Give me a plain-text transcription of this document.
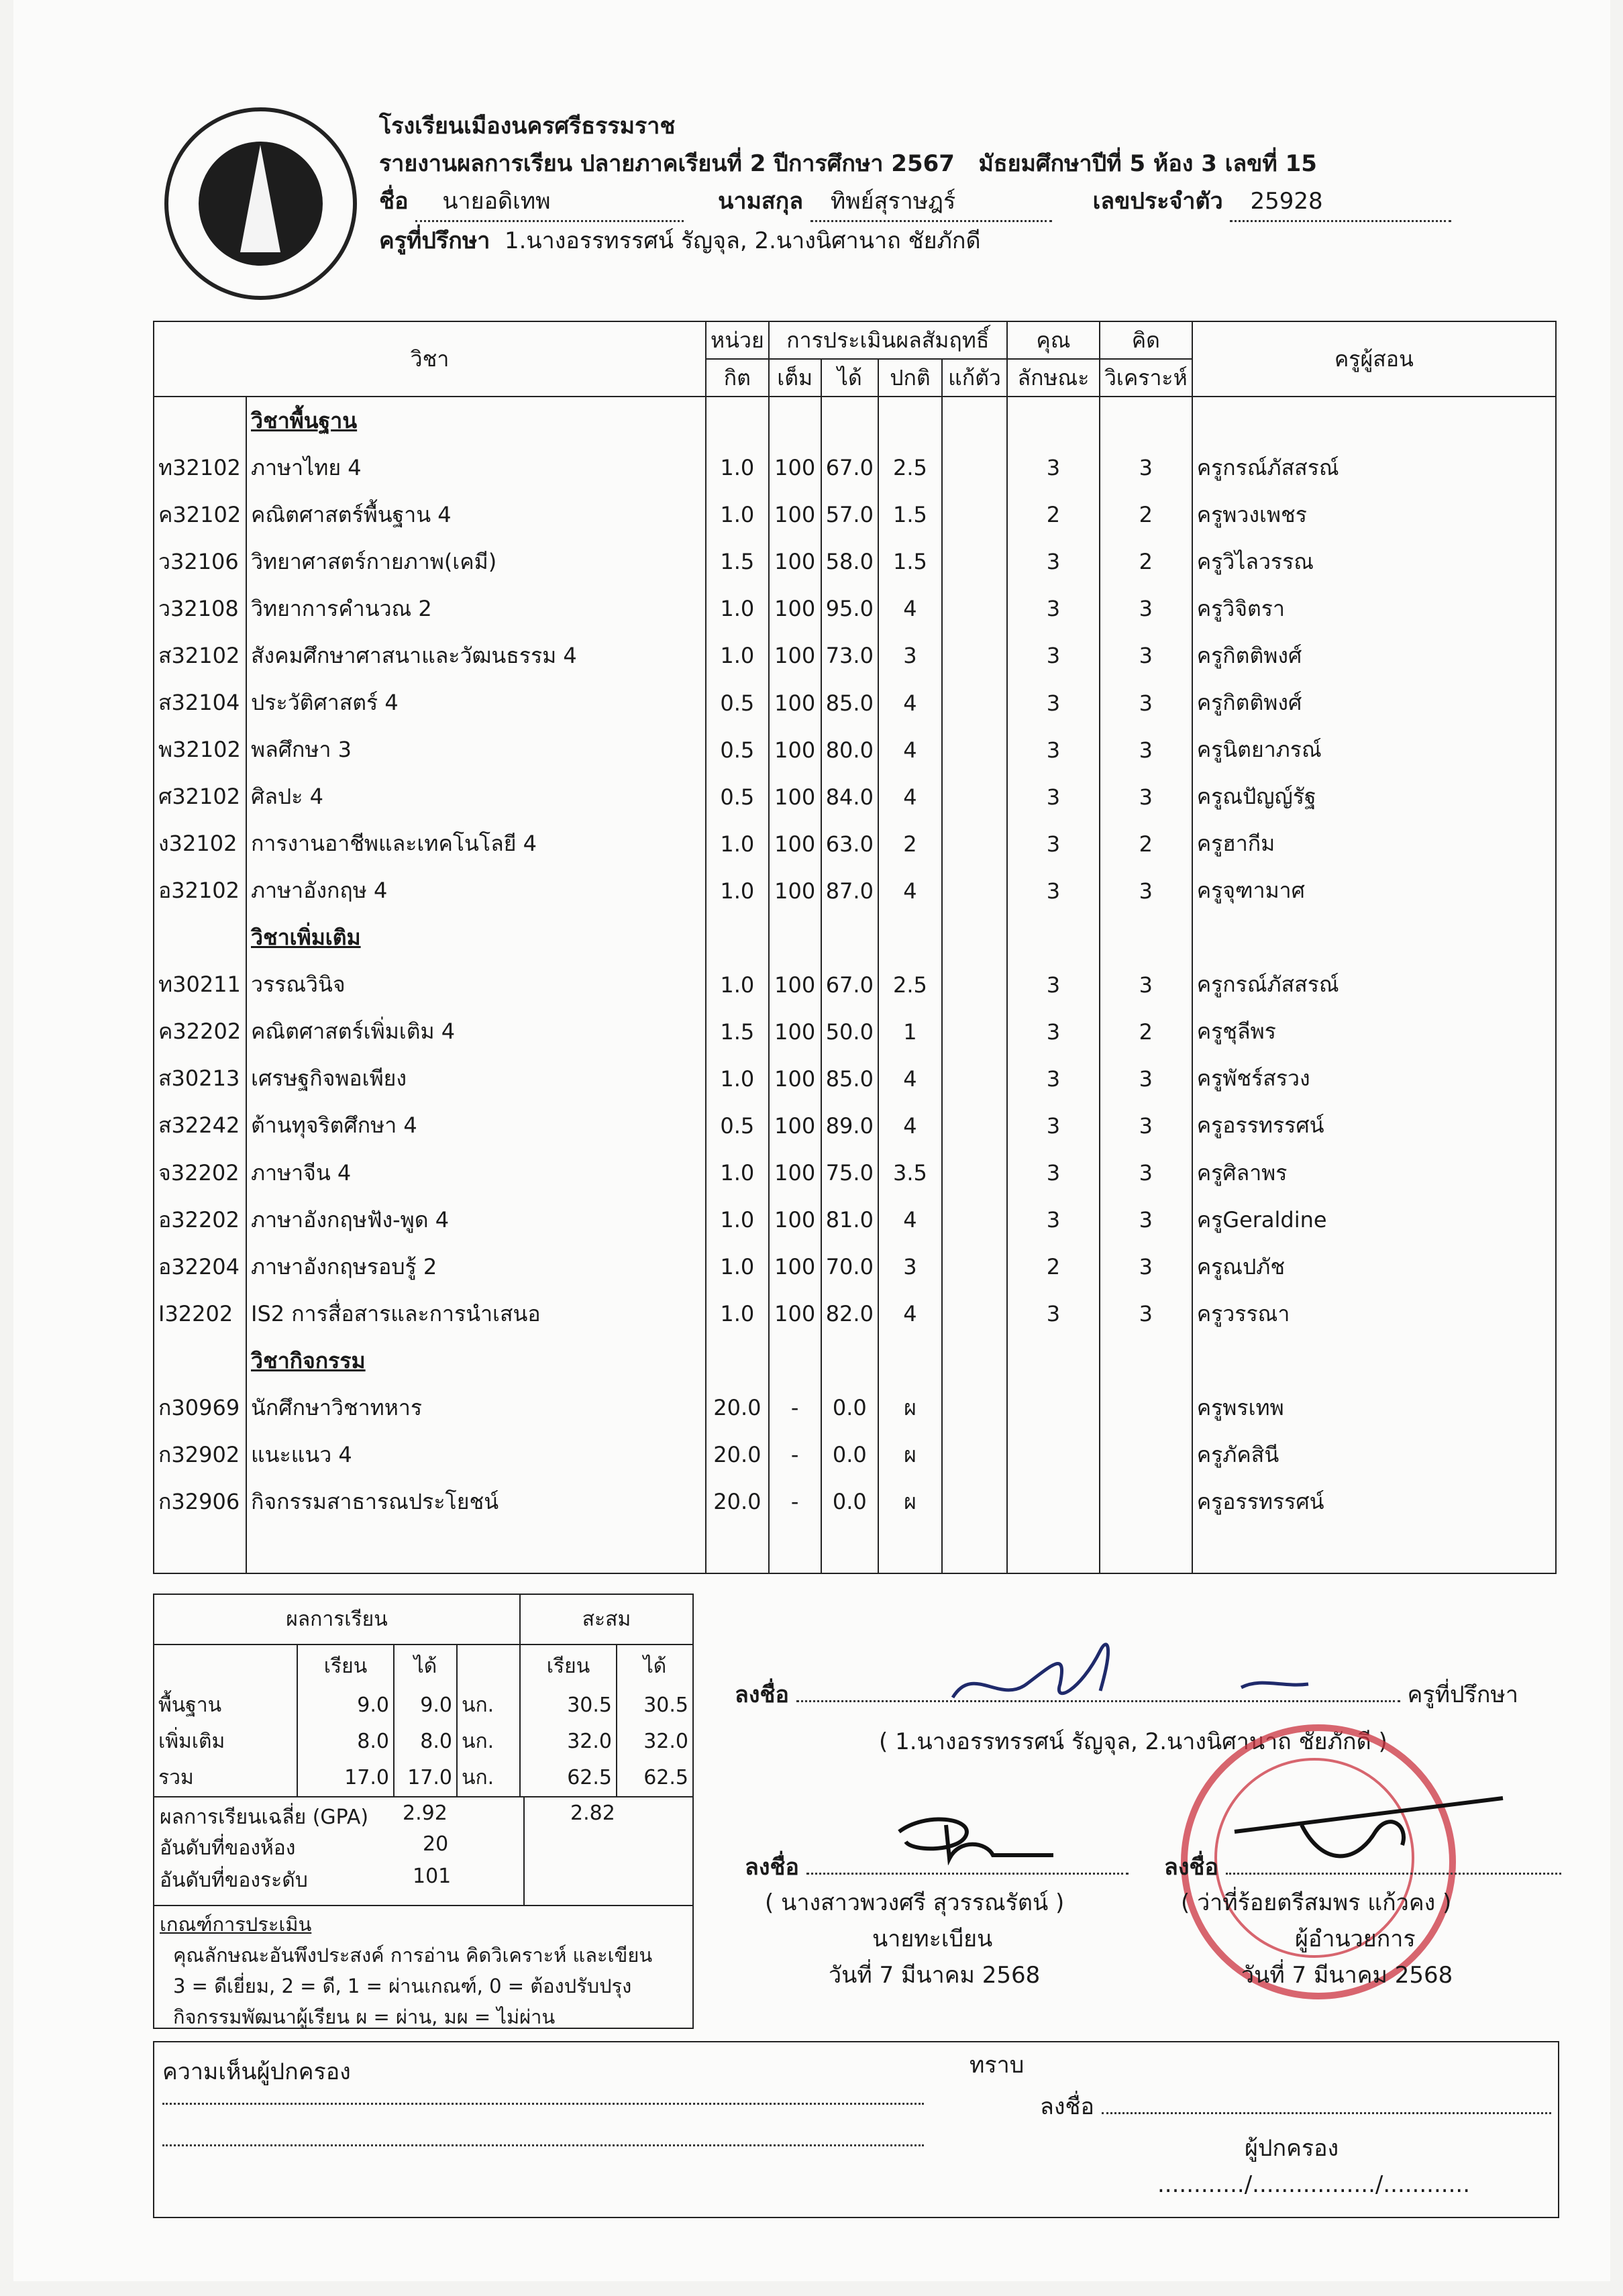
โรงเรียนเมืองนครศรีธรรมราช
รายงานผลการเรียน ปลายภาคเรียนที่ 2 ปีการศึกษา 2567 มัธยมศึกษาปีที่ 5 ห้อง 3 เลขที่ 15
ชื่อ นายอดิเทพ	นามสกุล ทิพย์สุราษฎร์	เลขประจำตัว 25928
ครูที่ปรึกษา 1.นางอรรทรรศน์ รัญจุล, 2.นางนิศานาถ ชัยภักดี
วิชา		หน่วย	การประเมินผลสัมฤทธิ์				คุณ	คิด	ครูผู้สอน
		กิต	เต็ม	ได้	ปกติ	แก้ตัว	ลักษณะ	วิเคราะห์	
	วิชาพื้นฐาน								
ท32102	ภาษาไทย 4	1.0	100	67.0	2.5		3	3	ครูกรณ์ภัสสรณ์
ค32102	คณิตศาสตร์พื้นฐาน 4	1.0	100	57.0	1.5		2	2	ครูพวงเพชร
ว32106	วิทยาศาสตร์กายภาพ(เคมี)	1.5	100	58.0	1.5		3	2	ครูวิไลวรรณ
ว32108	วิทยาการคำนวณ 2	1.0	100	95.0	4		3	3	ครูวิจิตรา
ส32102	สังคมศึกษาศาสนาและวัฒนธรรม 4	1.0	100	73.0	3		3	3	ครูกิตติพงศ์
ส32104	ประวัติศาสตร์ 4	0.5	100	85.0	4		3	3	ครูกิตติพงศ์
พ32102	พลศึกษา 3	0.5	100	80.0	4		3	3	ครูนิตยาภรณ์
ศ32102	ศิลปะ 4	0.5	100	84.0	4		3	3	ครูณปัญญ์รัฐ
ง32102	การงานอาชีพและเทคโนโลยี 4	1.0	100	63.0	2		3	2	ครูฮากีม
อ32102	ภาษาอังกฤษ 4	1.0	100	87.0	4		3	3	ครูจุฑามาศ
	วิชาเพิ่มเติม								
ท30211	วรรณวินิจ	1.0	100	67.0	2.5		3	3	ครูกรณ์ภัสสรณ์
ค32202	คณิตศาสตร์เพิ่มเติม 4	1.5	100	50.0	1		3	2	ครูชุลีพร
ส30213	เศรษฐกิจพอเพียง	1.0	100	85.0	4		3	3	ครูพัชร์สรวง
ส32242	ต้านทุจริตศึกษา 4	0.5	100	89.0	4		3	3	ครูอรรทรรศน์
จ32202	ภาษาจีน 4	1.0	100	75.0	3.5		3	3	ครูศิลาพร
อ32202	ภาษาอังกฤษฟัง-พูด 4	1.0	100	81.0	4		3	3	ครูGeraldine
อ32204	ภาษาอังกฤษรอบรู้ 2	1.0	100	70.0	3		2	3	ครูณปภัช
I32202	IS2 การสื่อสารและการนำเสนอ	1.0	100	82.0	4		3	3	ครูวรรณา
	วิชากิจกรรม								
ก30969	นักศึกษาวิชาทหาร	20.0	-	0.0	ผ				ครูพรเทพ
ก32902	แนะแนว 4	20.0	-	0.0	ผ				ครูภัคสินี
ก32906	กิจกรรมสาธารณประโยชน์	20.0	-	0.0	ผ				ครูอรรทรรศน์

ผลการเรียน				สะสม	
	เรียน	ได้		เรียน	ได้
พื้นฐาน	9.0	9.0	นก.	30.5	30.5
เพิ่มเติม	8.0	8.0	นก.	32.0	32.0
รวม	17.0	17.0	นก.	62.5	62.5
ผลการเรียนเฉลี่ย (GPA) 2.92	2.82
อันดับที่ของห้อง	20
อันดับที่ของระดับ	101
เกณฑ์การประเมิน
คุณลักษณะอันพึงประสงค์ การอ่าน คิดวิเคราะห์ และเขียน
3 = ดีเยี่ยม, 2 = ดี, 1 = ผ่านเกณฑ์, 0 = ต้องปรับปรุง
กิจกรรมพัฒนาผู้เรียน ผ = ผ่าน, มผ = ไม่ผ่าน
ลงชื่อ	ครูที่ปรึกษา
( 1.นางอรรทรรศน์ รัญจุล, 2.นางนิศานาถ ชัยภักดี )
ลงชื่อ
( นางสาวพวงศรี สุวรรณรัตน์ )
นายทะเบียน
วันที่ 7 มีนาคม 2568
ลงชื่อ
( ว่าที่ร้อยตรีสมพร แก้วคง )
ผู้อำนวยการ
วันที่ 7 มีนาคม 2568
ความเห็นผู้ปกครอง	ทราบ
ลงชื่อ
ผู้ปกครอง
............/................./............
